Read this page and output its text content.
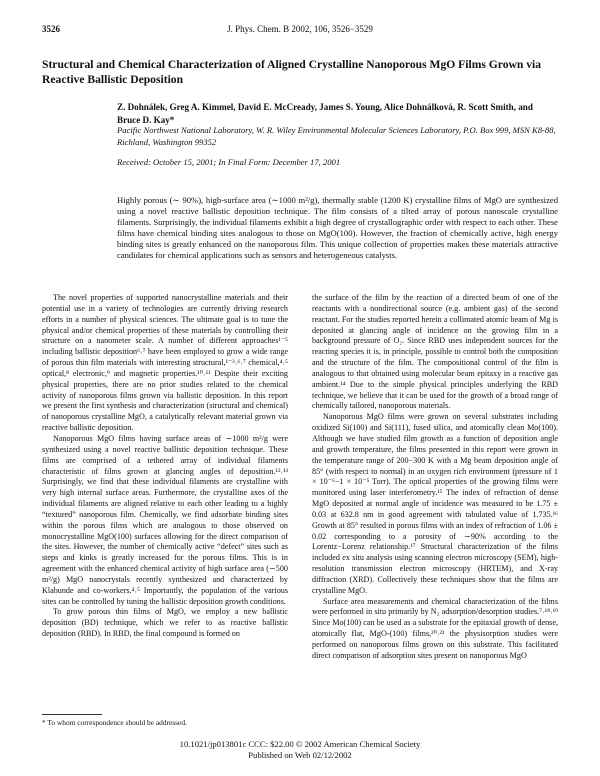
3526	J. Phys. Chem. B 2002, 106, 3526−3529
Structural and Chemical Characterization of Aligned Crystalline Nanoporous MgO Films Grown via Reactive Ballistic Deposition
Z. Dohnálek, Greg A. Kimmel, David E. McCready, James S. Young, Alice Dohnálková, R. Scott Smith, and Bruce D. Kay*
Pacific Northwest National Laboratory, W. R. Wiley Environmental Molecular Sciences Laboratory, P.O. Box 999, MSN K8-88, Richland, Washington 99352
Received: October 15, 2001; In Final Form: December 17, 2001
Highly porous (∼ 90%), high-surface area (∼1000 m²/g), thermally stable (1200 K) crystalline films of MgO are synthesized using a novel reactive ballistic deposition technique. The film consists of a tilted array of porous nanoscale crystalline filaments. Surprisingly, the individual filaments exhibit a high degree of crystallographic order with respect to each other. These films have chemical binding sites analogous to those on MgO(100). However, the fraction of chemically active, high energy binding sites is greatly enhanced on the nanoporous film. This unique collection of properties makes these materials attractive candidates for chemical applications such as sensors and heterogeneous catalysts.

The novel properties of supported nanocrystalline materials and their potential use in a variety of technologies are currently driving research efforts in a number of physical sciences. The ultimate goal is to tune the physical and/or chemical properties of these materials by controlling their structure on a nanometer scale. A number of different approaches¹⁻⁵ including ballistic deposition⁶˒⁷ have been employed to grow a wide range of porous thin film materials with interesting structural,¹⁻³˒⁶˒⁷ chemical,⁴˒⁵ optical,⁸ electronic,⁹ and magnetic properties.¹⁰˒¹¹ Despite their exciting physical properties, there are no prior studies related to the chemical activity of nanoporous films grown via ballistic deposition. In this report we present the first synthesis and characterization (structural and chemical) of nanoporous crystalline MgO, a catalytically relevant material grown via reactive ballistic deposition.

Nanoporous MgO films having surface areas of ∼1000 m²/g were synthesized using a novel reactive ballistic deposition technique. These films are comprised of a tethered array of individual filaments characteristic of films grown at glancing angles of deposition.¹²˒¹³ Surprisingly, we find that these individual filaments are crystalline with very high internal surface areas. Furthermore, the crystalline axes of the individual filaments are aligned relative to each other leading to a highly “textured” nanoporous film. Chemically, we find adsorbate binding sites within the porous films which are analogous to those observed on monocrystalline MgO(100) surfaces allowing for the direct comparison of the sites. However, the number of chemically active “defect” sites such as steps and kinks is greatly increased for the porous films. This is in agreement with the enhanced chemical activity of high surface area (∼500 m²/g) MgO nanocrystals recently synthesized and characterized by Klabunde and co-workers.⁴˒⁵ Importantly, the population of the various sites can be controlled by tuning the ballistic deposition growth conditions.

To grow porous thin films of MgO, we employ a new ballistic deposition (BD) technique, which we refer to as reactive ballistic deposition (RBD). In RBD, the final compound is formed on

the surface of the film by the reaction of a directed beam of one of the reactants with a nondirectional source (e.g. ambient gas) of the second reactant. For the studies reported herein a collimated atomic beam of Mg is deposited at glancing angle of incidence on the growing film in a background pressure of O₂. Since RBD uses independent sources for the reacting species it is, in principle, possible to control both the composition and the structure of the film. The compositional control of the film is analogous to that obtained using molecular beam epitaxy in a reactive gas ambient.¹⁴ Due to the simple physical principles underlying the RBD technique, we believe that it can be used for the growth of a broad range of chemically tailored, nanoporous materials.

Nanoporous MgO films were grown on several substrates including oxidized Si(100) and Si(111), fused silica, and atomically clean Mo(100). Although we have studied film growth as a function of deposition angle and growth temperature, the films presented in this report were grown in the temperature range of 200−300 K with a Mg beam deposition angle of 85° (with respect to normal) in an oxygen rich environment (pressure of 1 × 10⁻⁶−1 × 10⁻⁵ Torr). The optical properties of the growing films were monitored using laser interferometry.¹⁵ The index of refraction of dense MgO deposited at normal angle of incidence was measured to be 1.75 ± 0.03 at 632.8 nm in good agreement with tabulated value of 1.735.¹⁶ Growth at 85° resulted in porous films with an index of refraction of 1.06 ± 0.02 corresponding to a porosity of ∼90% according to the Lorentz−Lorenz relationship.¹⁷ Structural characterization of the films included ex situ analysis using scanning electron microscopy (SEM), high-resolution transmission electron microscopy (HRTEM), and X-ray diffraction (XRD). Collectively these techniques show that the films are crystalline MgO.

Surface area measurements and chemical characterization of the films were performed in situ primarily by N₂ adsorption/desorption studies.⁷˒¹⁸˒¹⁹ Since Mo(100) can be used as a substrate for the epitaxial growth of dense, atomically flat, MgO-(100) films,²⁰˒²¹ the physisorption studies were performed on nanoporous films grown on this substrate. This facilitated direct comparison of adsorption sites present on nanoporous MgO

* To whom correspondence should be addressed.
10.1021/jp013801c CCC: $22.00 © 2002 American Chemical Society
Published on Web 02/12/2002
